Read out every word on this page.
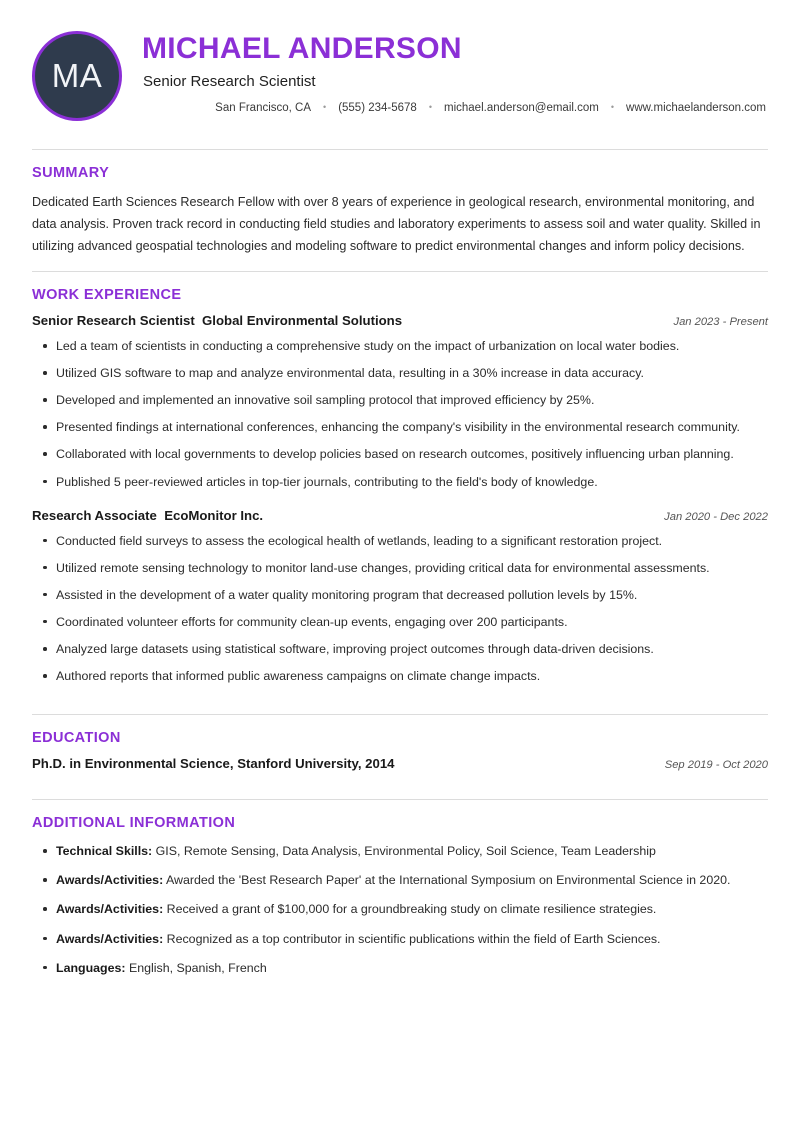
MA
MICHAEL ANDERSON
Senior Research Scientist
San Francisco, CA • (555) 234-5678 • michael.anderson@email.com • www.michaelanderson.com
SUMMARY

Dedicated Earth Sciences Research Fellow with over 8 years of experience in geological research, environmental monitoring, and data analysis. Proven track record in conducting field studies and laboratory experiments to assess soil and water quality. Skilled in utilizing advanced geospatial technologies and modeling software to predict environmental changes and inform policy decisions.

WORK EXPERIENCE
Senior Research Scientist  Global Environmental Solutions	Jan 2023 - Present
Led a team of scientists in conducting a comprehensive study on the impact of urbanization on local water bodies.
Utilized GIS software to map and analyze environmental data, resulting in a 30% increase in data accuracy.
Developed and implemented an innovative soil sampling protocol that improved efficiency by 25%.
Presented findings at international conferences, enhancing the company's visibility in the environmental research community.
Collaborated with local governments to develop policies based on research outcomes, positively influencing urban planning.
Published 5 peer-reviewed articles in top-tier journals, contributing to the field's body of knowledge.
Research Associate  EcoMonitor Inc.	Jan 2020 - Dec 2022
Conducted field surveys to assess the ecological health of wetlands, leading to a significant restoration project.
Utilized remote sensing technology to monitor land-use changes, providing critical data for environmental assessments.
Assisted in the development of a water quality monitoring program that decreased pollution levels by 15%.
Coordinated volunteer efforts for community clean-up events, engaging over 200 participants.
Analyzed large datasets using statistical software, improving project outcomes through data-driven decisions.
Authored reports that informed public awareness campaigns on climate change impacts.
EDUCATION
Ph.D. in Environmental Science, Stanford University, 2014	Sep 2019 - Oct 2020
ADDITIONAL INFORMATION
Technical Skills: GIS, Remote Sensing, Data Analysis, Environmental Policy, Soil Science, Team Leadership
Awards/Activities: Awarded the 'Best Research Paper' at the International Symposium on Environmental Science in 2020.
Awards/Activities: Received a grant of $100,000 for a groundbreaking study on climate resilience strategies.
Awards/Activities: Recognized as a top contributor in scientific publications within the field of Earth Sciences.
Languages: English, Spanish, French
